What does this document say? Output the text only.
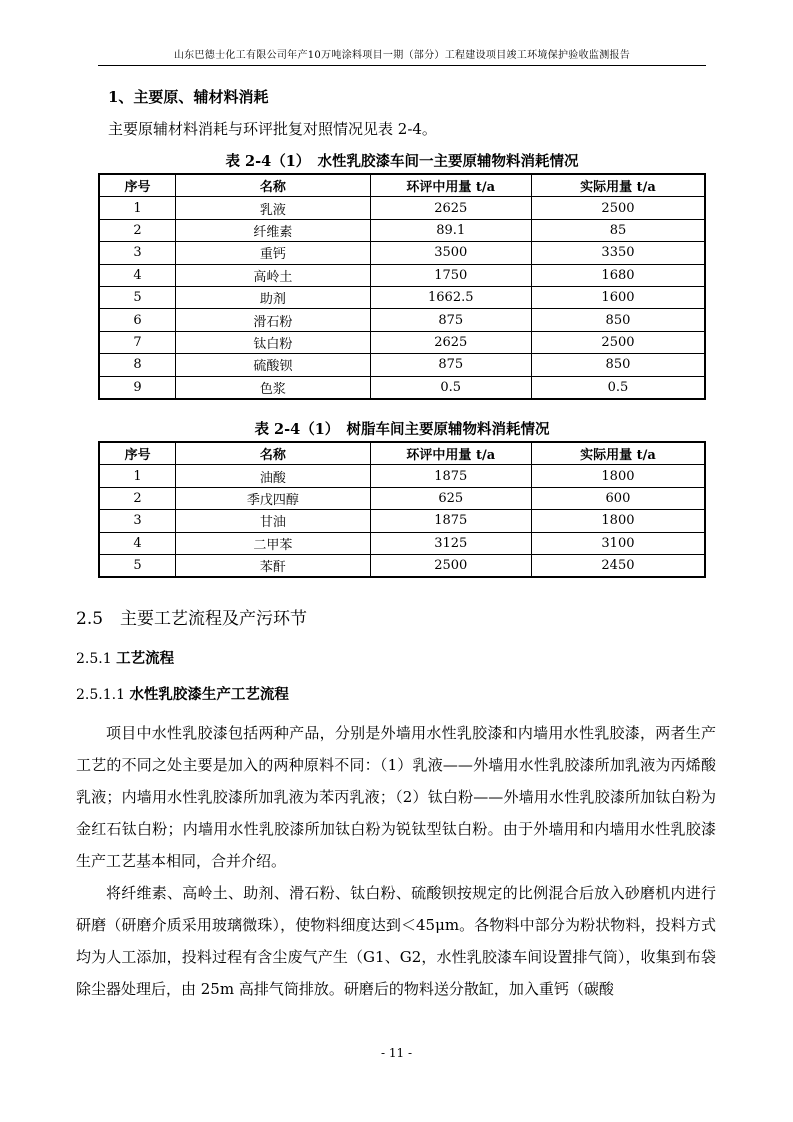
山东巴德士化工有限公司年产10万吨涂料项目一期（部分）工程建设项目竣工环境保护验收监测报告
1、主要原、辅材料消耗
主要原辅材料消耗与环评批复对照情况见表 2-4。
表 2-4（1）　水性乳胶漆车间一主要原辅物料消耗情况
序号	名称	环评中用量 t/a	实际用量 t/a
1	乳液	2625	2500
2	纤维素	89.1	85
3	重钙	3500	3350
4	高岭土	1750	1680
5	助剂	1662.5	1600
6	滑石粉	875	850
7	钛白粉	2625	2500
8	硫酸钡	875	850
9	色浆	0.5	0.5
表 2-4（1）　树脂车间主要原辅物料消耗情况
序号	名称	环评中用量 t/a	实际用量 t/a
1	油酸	1875	1800
2	季戊四醇	625	600
3	甘油	1875	1800
4	二甲苯	3125	3100
5	苯酐	2500	2450
2.5　主要工艺流程及产污环节
2.5.1 工艺流程
2.5.1.1 水性乳胶漆生产工艺流程

项目中水性乳胶漆包括两种产品，分别是外墙用水性乳胶漆和内墙用水性乳胶漆，两者生产工艺的不同之处主要是加入的两种原料不同：（1）乳液——外墙用水性乳胶漆所加乳液为丙烯酸乳液；内墙用水性乳胶漆所加乳液为苯丙乳液；（2）钛白粉——外墙用水性乳胶漆所加钛白粉为金红石钛白粉；内墙用水性乳胶漆所加钛白粉为锐钛型钛白粉。由于外墙用和内墙用水性乳胶漆生产工艺基本相同，合并介绍。

将纤维素、高岭土、助剂、滑石粉、钛白粉、硫酸钡按规定的比例混合后放入砂磨机内进行研磨（研磨介质采用玻璃微珠），使物料细度达到＜45μm。各物料中部分为粉状物料，投料方式均为人工添加，投料过程有含尘废气产生（G1、G2，水性乳胶漆车间设置排气筒），收集到布袋除尘器处理后，由 25m 高排气筒排放。研磨后的物料送分散缸，加入重钙（碳酸

- 11 -
